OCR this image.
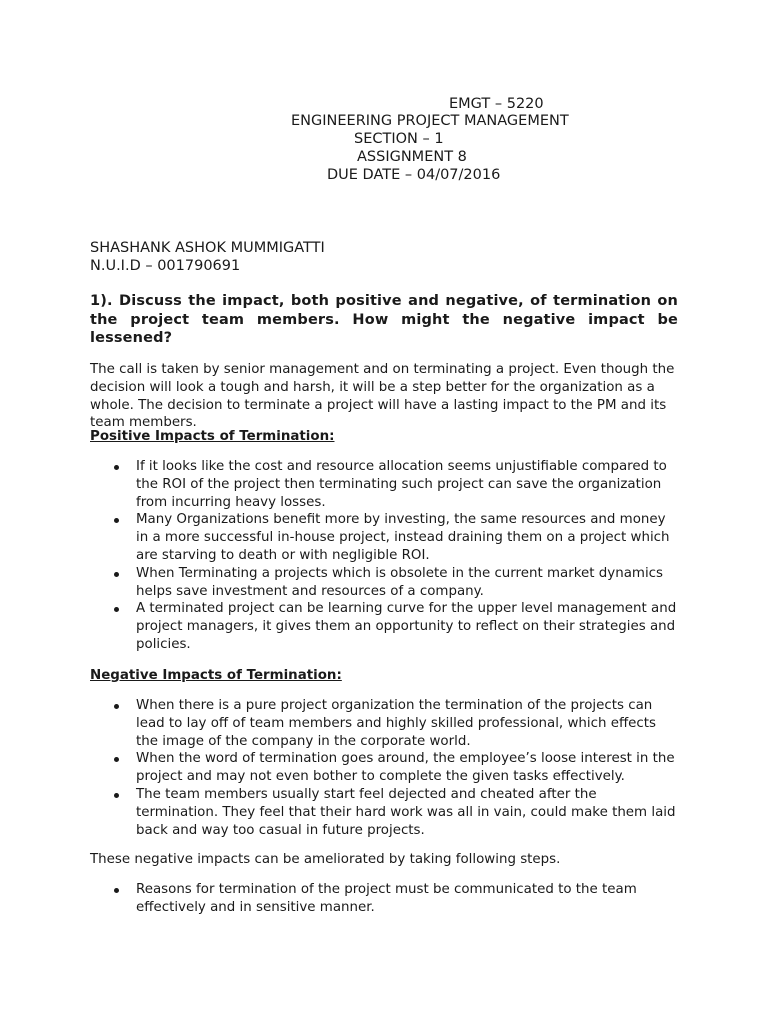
EMGT – 5220
ENGINEERING PROJECT MANAGEMENT
SECTION – 1
ASSIGNMENT 8
DUE DATE – 04/07/2016
SHASHANK ASHOK MUMMIGATTI
N.U.I.D – 001790691
1). Discuss the impact, both positive and negative, of termination on the project team members. How might the negative impact be lessened?
The call is taken by senior management and on terminating a project. Even though the decision will look a tough and harsh, it will be a step better for the organization as a whole. The decision to terminate a project will have a lasting impact to the PM and its team members.
Positive Impacts of Termination:
If it looks like the cost and resource allocation seems unjustifiable compared to the ROI of the project then terminating such project can save the organization from incurring heavy losses.
Many Organizations benefit more by investing, the same resources and money in a more successful in-house project, instead draining them on a project which are starving to death or with negligible ROI.
When Terminating a projects which is obsolete in the current market dynamics helps save investment and resources of a company.
A terminated project can be learning curve for the upper level management and project managers, it gives them an opportunity to reflect on their strategies and policies.
Negative Impacts of Termination:
When there is a pure project organization the termination of the projects can lead to lay off of team members and highly skilled professional, which effects the image of the company in the corporate world.
When the word of termination goes around, the employee’s loose interest in the project and may not even bother to complete the given tasks effectively.
The team members usually start feel dejected and cheated after the termination. They feel that their hard work was all in vain, could make them laid back and way too casual in future projects.
These negative impacts can be ameliorated by taking following steps.
Reasons for termination of the project must be communicated to the team effectively and in sensitive manner.
